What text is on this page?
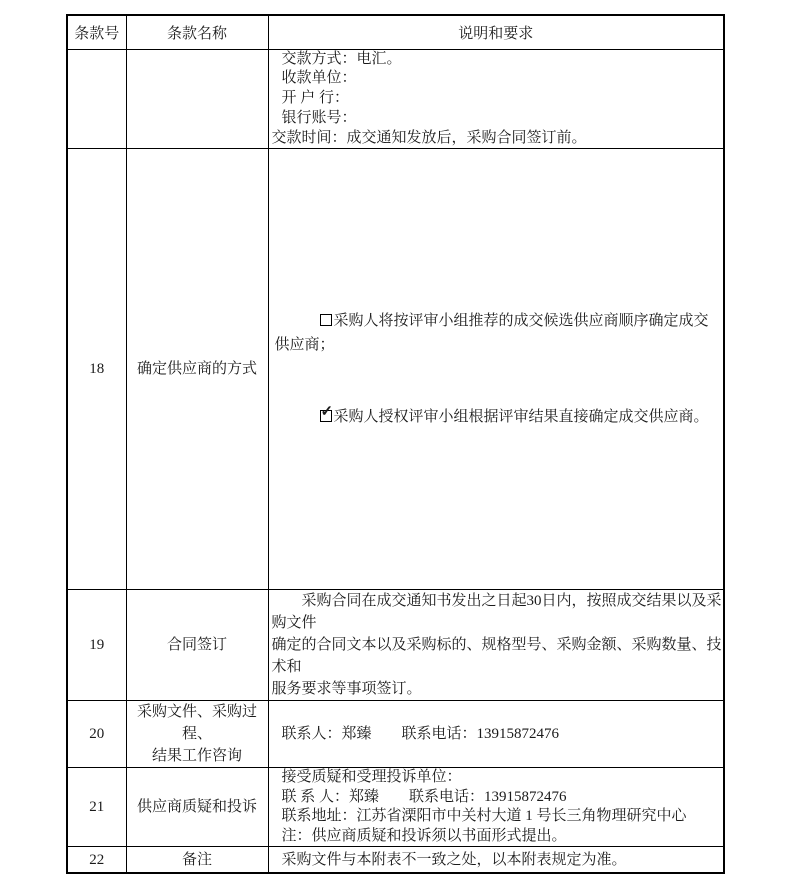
条款号	条款名称	说明和要求

		交款方式：电汇。
收款单位：
开 户 行：
银行账号：
交款时间：成交通知发放后，采购合同签订前。

18	确定供应商的方式	采购人将按评审小组推荐的成交候选供应商顺序确定成交供应商；

✓ 采购人授权评审小组根据评审结果直接确定成交供应商。

19	合同签订	采购合同在成交通知书发出之日起30日内，按照成交结果以及采购文件
确定的合同文本以及采购标的、规格型号、采购金额、采购数量、技术和
服务要求等事项签订。

20	采购文件、采购过程、
结果工作咨询	联系人：郑臻　　联系电话：13915872476

21	供应商质疑和投诉	接受质疑和受理投诉单位：
联 系 人：郑臻　　联系电话：13915872476
联系地址：江苏省溧阳市中关村大道 1 号长三角物理研究中心
注：供应商质疑和投诉须以书面形式提出。

22	备注	采购文件与本附表不一致之处，以本附表规定为准。
